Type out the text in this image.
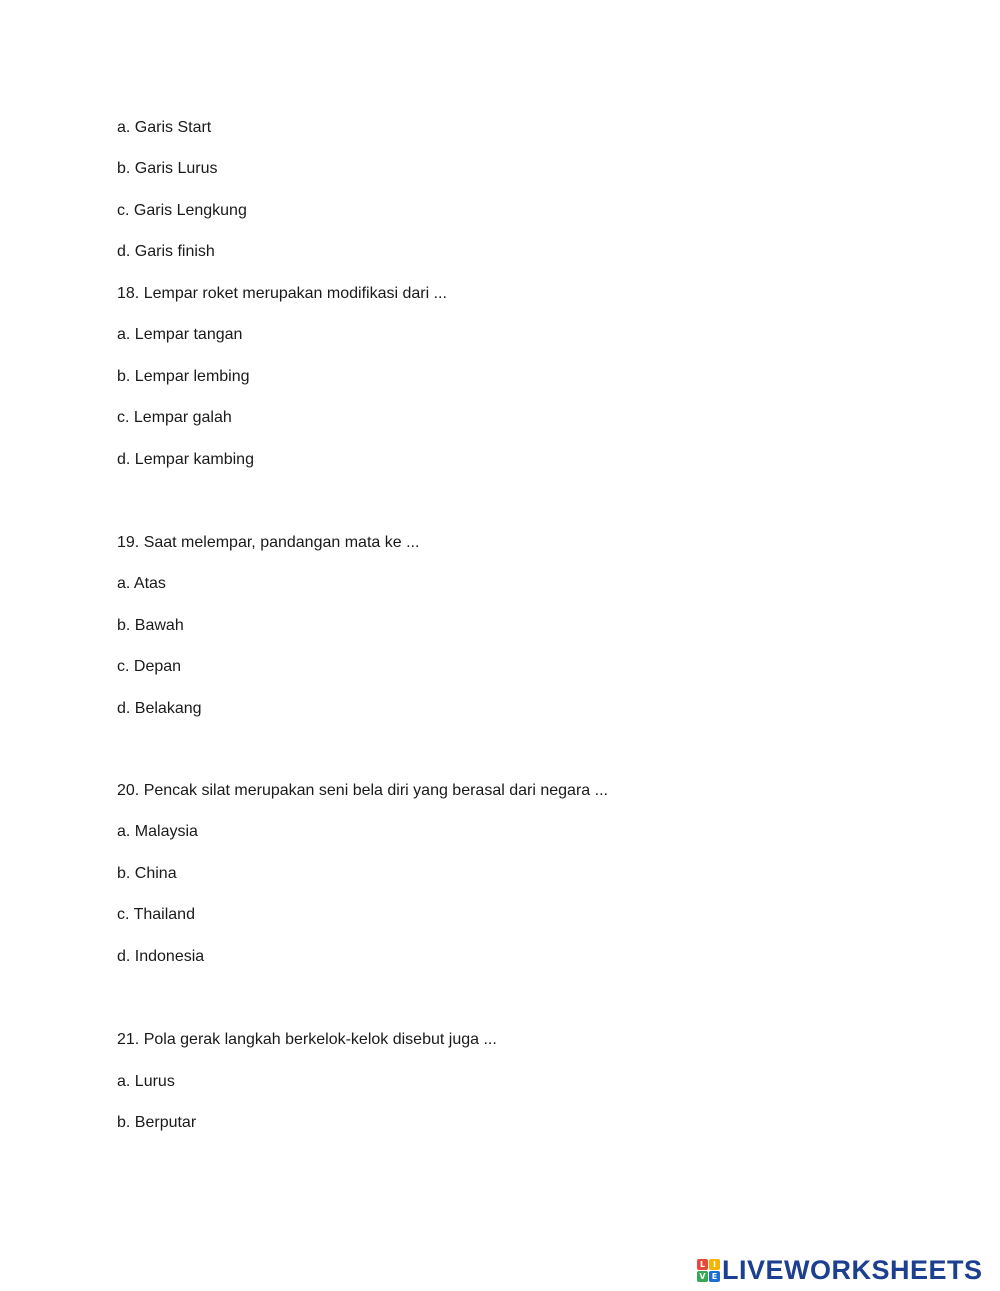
a. Garis Start
b. Garis Lurus
c. Garis Lengkung
d. Garis finish
18. Lempar roket merupakan modifikasi dari ...
a. Lempar tangan
b. Lempar lembing
c. Lempar galah
d. Lempar kambing
19. Saat melempar, pandangan mata ke ...
a. Atas
b. Bawah
c. Depan
d. Belakang
20. Pencak silat merupakan seni bela diri yang berasal dari negara ...
a. Malaysia
b. China
c. Thailand
d. Indonesia
21. Pola gerak langkah berkelok-kelok disebut juga ...
a. Lurus
b. Berputar
L I
V E LIVEWORKSHEETS
